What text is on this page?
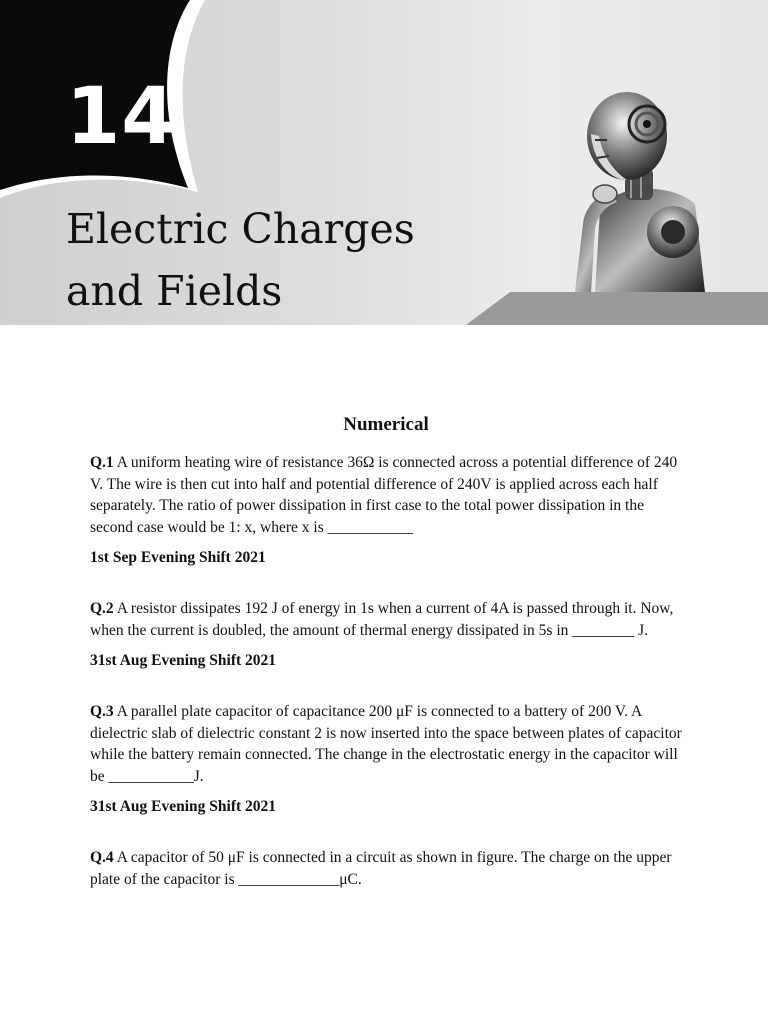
14
Electric Charges
and Fields
Numerical

Q.1 A uniform heating wire of resistance 36Ω is connected across a potential difference of 240 V. The wire is then cut into half and potential difference of 240V is applied across each half separately. The ratio of power dissipation in first case to the total power dissipation in the second case would be 1: x, where x is ___________

1st Sep Evening Shift 2021

Q.2 A resistor dissipates 192 J of energy in 1s when a current of 4A is passed through it. Now, when the current is doubled, the amount of thermal energy dissipated in 5s in ________ J.

31st Aug Evening Shift 2021

Q.3 A parallel plate capacitor of capacitance 200 μF is connected to a battery of 200 V. A dielectric slab of dielectric constant 2 is now inserted into the space between plates of capacitor while the battery remain connected. The change in the electrostatic energy in the capacitor will be ___________J.

31st Aug Evening Shift 2021

Q.4 A capacitor of 50 μF is connected in a circuit as shown in figure. The charge on the upper plate of the capacitor is _____________μC.
